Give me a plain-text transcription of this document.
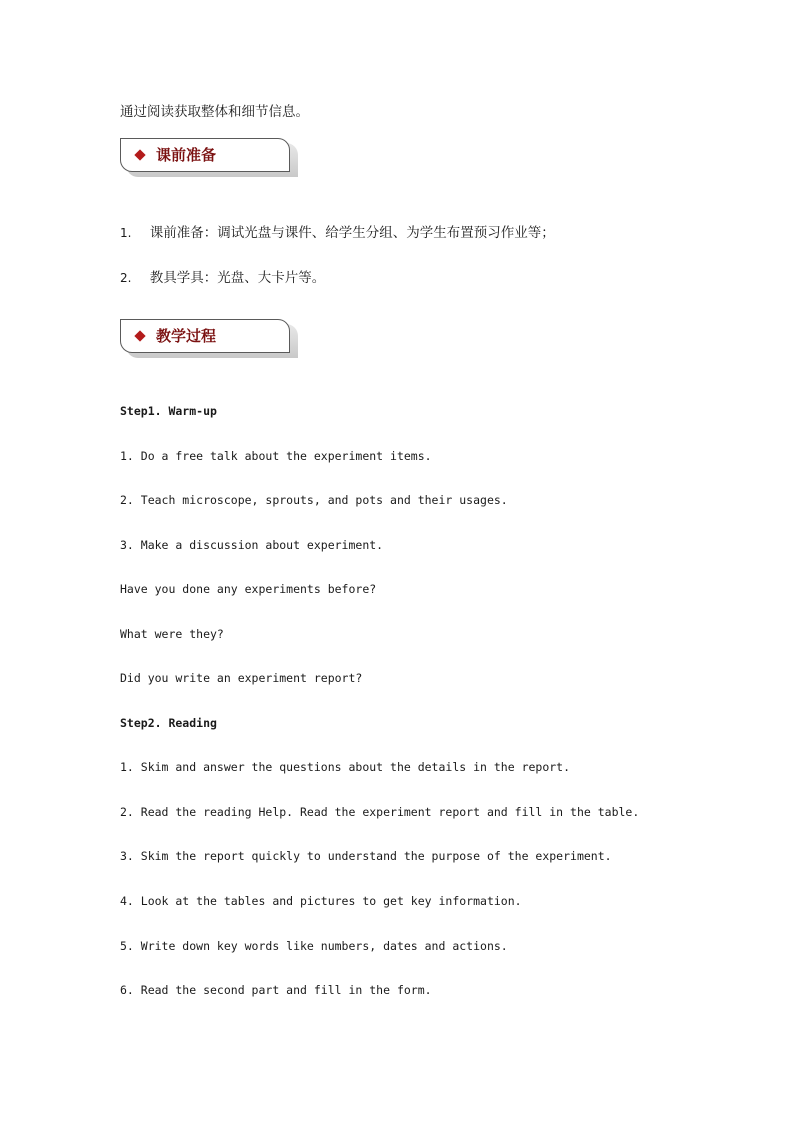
通过阅读获取整体和细节信息。
课前准备
1. 课前准备：调试光盘与课件、给学生分组、为学生布置预习作业等；
2. 教具学具：光盘、大卡片等。
教学过程
Step1. Warm-up
1. Do a free talk about the experiment items.
2. Teach microscope, sprouts, and pots and their usages.
3. Make a discussion about experiment.
Have you done any experiments before?
What were they?
Did you write an experiment report?
Step2. Reading
1. Skim and answer the questions about the details in the report.
2. Read the reading Help. Read the experiment report and fill in the table.
3. Skim the report quickly to understand the purpose of the experiment.
4. Look at the tables and pictures to get key information.
5. Write down key words like numbers, dates and actions.
6. Read the second part and fill in the form.
